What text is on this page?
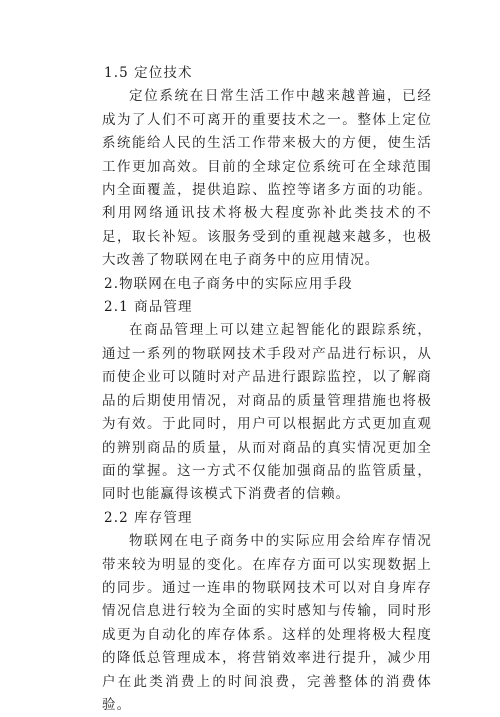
1.5 定位技术

定位系统在日常生活工作中越来越普遍，已经成为了人们不可离开的重要技术之一。整体上定位系统能给人民的生活工作带来极大的方便，使生活工作更加高效。目前的全球定位系统可在全球范围内全面覆盖，提供追踪、监控等诸多方面的功能。利用网络通讯技术将极大程度弥补此类技术的不足，取长补短。该服务受到的重视越来越多，也极大改善了物联网在电子商务中的应用情况。

2.物联网在电子商务中的实际应用手段

2.1 商品管理

在商品管理上可以建立起智能化的跟踪系统，通过一系列的物联网技术手段对产品进行标识，从而使企业可以随时对产品进行跟踪监控，以了解商品的后期使用情况，对商品的质量管理措施也将极为有效。于此同时，用户可以根据此方式更加直观的辨别商品的质量，从而对商品的真实情况更加全面的掌握。这一方式不仅能加强商品的监管质量，同时也能赢得该模式下消费者的信赖。

2.2 库存管理

物联网在电子商务中的实际应用会给库存情况带来较为明显的变化。在库存方面可以实现数据上的同步。通过一连串的物联网技术可以对自身库存情况信息进行较为全面的实时感知与传输，同时形成更为自动化的库存体系。这样的处理将极大程度的降低总管理成本，将营销效率进行提升，减少用户在此类消费上的时间浪费，完善整体的消费体验。
